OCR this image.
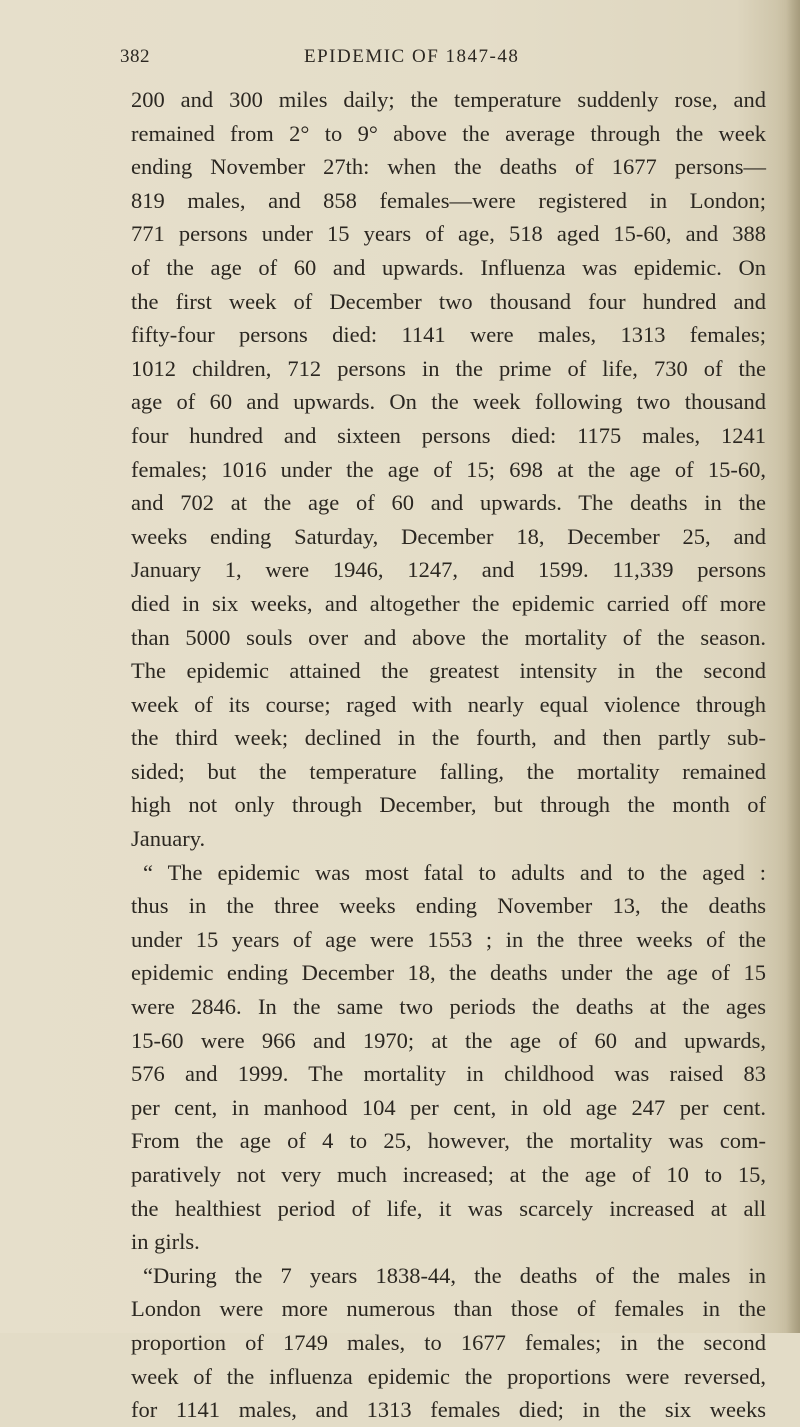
382	EPIDEMIC OF 1847-48
200 and 300 miles daily; the temperature suddenly rose, and
remained from 2° to 9° above the average through the week
ending November 27th: when the deaths of 1677 persons—
819 males, and 858 females—were registered in London;
771 persons under 15 years of age, 518 aged 15-60, and 388
of the age of 60 and upwards. Influenza was epidemic. On
the first week of December two thousand four hundred and
fifty-four persons died: 1141 were males, 1313 females;
1012 children, 712 persons in the prime of life, 730 of the
age of 60 and upwards. On the week following two thousand
four hundred and sixteen persons died: 1175 males, 1241
females; 1016 under the age of 15; 698 at the age of 15-60,
and 702 at the age of 60 and upwards. The deaths in the
weeks ending Saturday, December 18, December 25, and
January 1, were 1946, 1247, and 1599. 11,339 persons
died in six weeks, and altogether the epidemic carried off more
than 5000 souls over and above the mortality of the season.
The epidemic attained the greatest intensity in the second
week of its course; raged with nearly equal violence through
the third week; declined in the fourth, and then partly sub-
sided; but the temperature falling, the mortality remained
high not only through December, but through the month of
January.
“ The epidemic was most fatal to adults and to the aged :
thus in the three weeks ending November 13, the deaths
under 15 years of age were 1553 ; in the three weeks of the
epidemic ending December 18, the deaths under the age of 15
were 2846. In the same two periods the deaths at the ages
15-60 were 966 and 1970; at the age of 60 and upwards,
576 and 1999. The mortality in childhood was raised 83
per cent, in manhood 104 per cent, in old age 247 per cent.
From the age of 4 to 25, however, the mortality was com-
paratively not very much increased; at the age of 10 to 15,
the healthiest period of life, it was scarcely increased at all
in girls.
“During the 7 years 1838-44, the deaths of the males in
London were more numerous than those of females in the
proportion of 1749 males, to 1677 females; in the second
week of the influenza epidemic the proportions were reversed,
for 1141 males, and 1313 females died; in the six weeks
